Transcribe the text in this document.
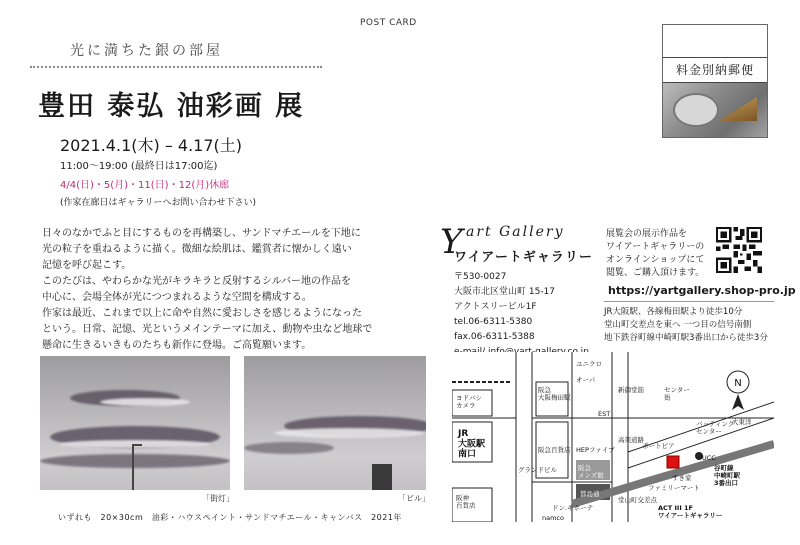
POST CARD
料金別納郵便
光に満ちた銀の部屋
豊田 泰弘 油彩画 展
2021.4.1(木) – 4.17(土)
11:00〜19:00 (最終日は17:00迄)
4/4(日)・5(月)・11(日)・12(月)休廊
(作家在廊日はギャラリーへお問い合わせ下さい)

日々のなかでふと目にするものを再構築し、サンドマチエールを下地に

光の粒子を重ねるように描く。微細な絵肌は、鑑賞者に懐かしく遠い

記憶を呼び起こす。

このたびは、やわらかな光がキラキラと反射するシルバー地の作品を

中心に、会場全体が光につつまれるような空間を構成する。

作家は最近、これまで以上に命や自然に愛おしさを感じるようになった

という。日常、記憶、光というメインテーマに加え、動物や虫など地球で

懸命に生きるいきものたちも新作に登場。ご高覧願います。

「街灯」	「ビル」
いずれも　20×30cm　油彩・ハウスペイント・サンドマチエール・キャンバス　2021年
Y art Gallery
ワイアートギャラリー
〒530-0027
大阪市北区堂山町 15-17
アクトスリービル1F
tel.06-6311-5380
fax.06-6311-5388
展覧会の展示作品を
ワイアートギャラリーの
オンラインショップにて
閲覧、ご購入頂けます。
https://yartgallery.shop-pro.jp
JR大阪駅、各線梅田駅より徒歩10分
堂山町交差点を東へ 一つ目の信号南側
地下鉄谷町線中崎町駅3番出口から徒歩3分
N
ヨドバシカメラ
阪急大阪梅田駅
JR 大阪駅南口	阪急百貨店
阪神百貨店
グランドビル
HEPファイブ
阪急メンズ館
都島通
ドン.キホーテ
namco
ユニクロ
オーパ
EST
新御堂筋	センター街
バッティングセンター
大東洋
ポートピア
UCC
すき家
ファミリーマート
高架道路
堂山町交差点
谷町線中崎町駅 3番出口
ACT III 1F ワイアートギャラリー
